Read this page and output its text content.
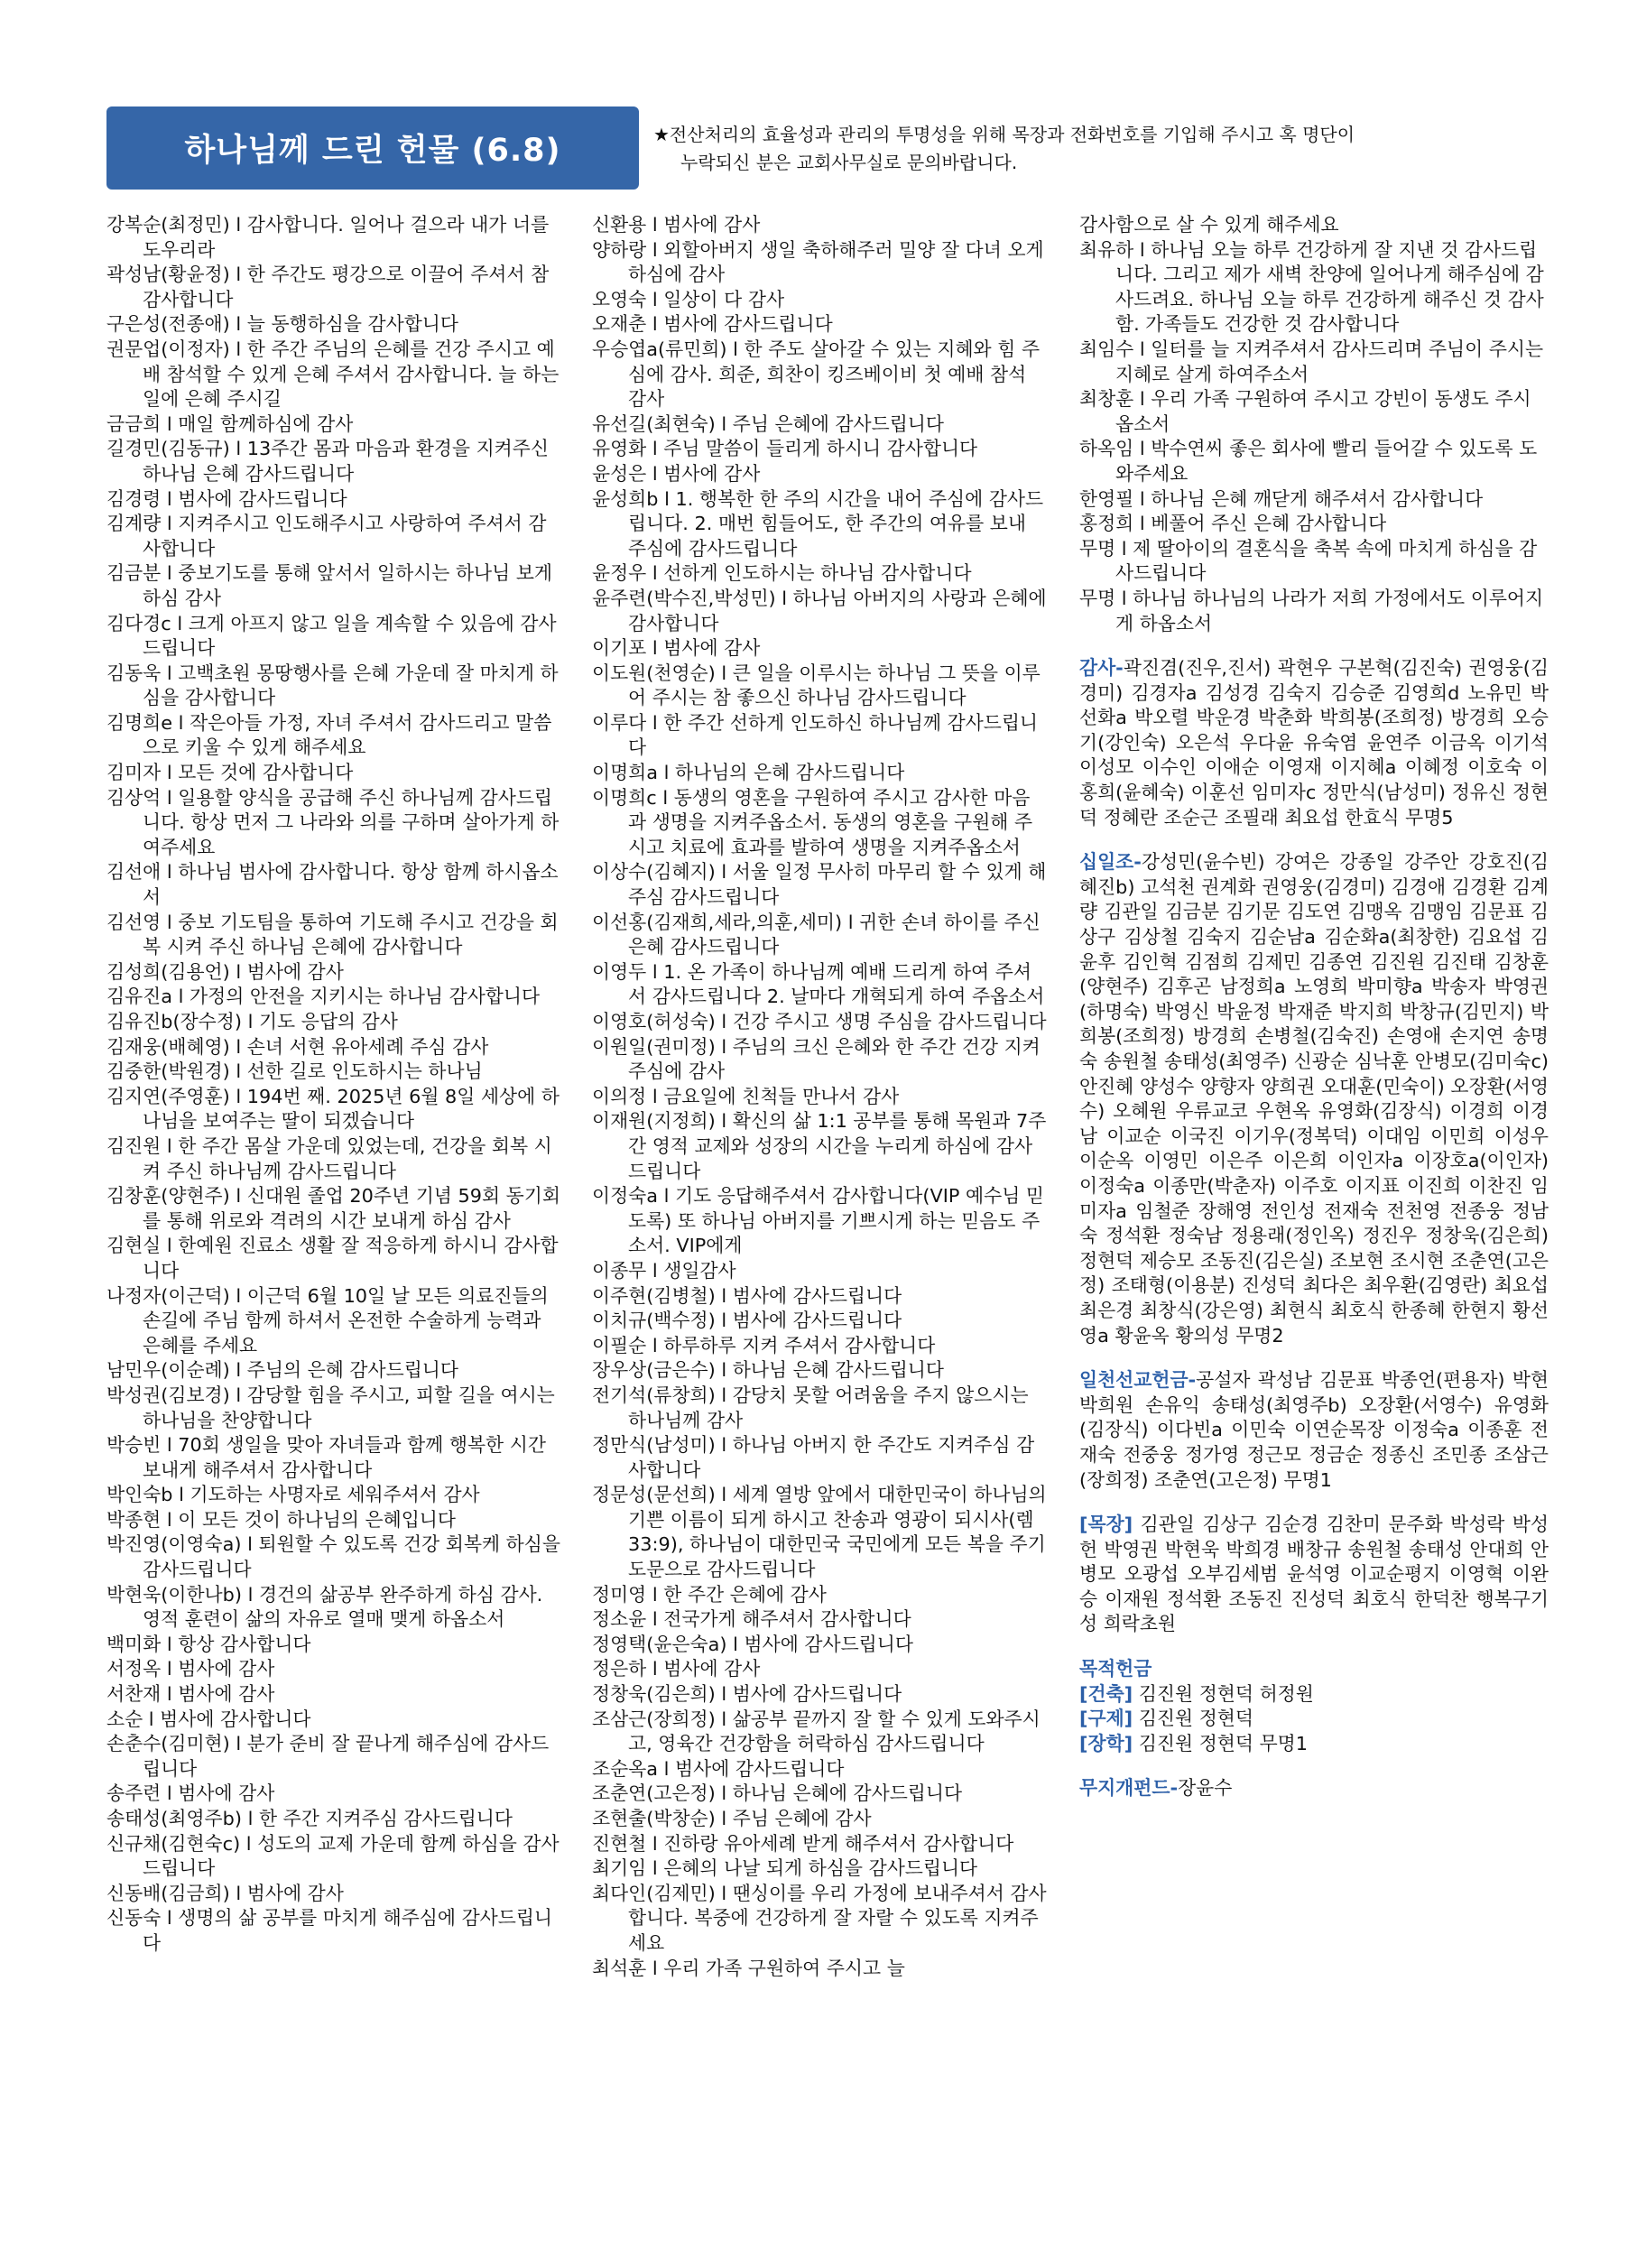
하나님께 드린 헌물 (6.8)	★전산처리의 효율성과 관리의 투명성을 위해 목장과 전화번호를 기입해 주시고 혹 명단이
누락되신 분은 교회사무실로 문의바랍니다.
강복순(최정민) l 감사합니다. 일어나 걸으라 내가 너를 도우리라
곽성남(황윤정) l 한 주간도 평강으로 이끌어 주셔서 참 감사합니다
구은성(전종애) l 늘 동행하심을 감사합니다
권문업(이정자) l 한 주간 주님의 은혜를 건강 주시고 예배 참석할 수 있게 은혜 주셔서 감사합니다. 늘 하는 일에 은혜 주시길
금금희 l 매일 함께하심에 감사
길경민(김동규) l 13주간 몸과 마음과 환경을 지켜주신 하나님 은혜 감사드립니다
김경령 l 범사에 감사드립니다
김계량 l 지켜주시고 인도해주시고 사랑하여 주셔서 감사합니다
김금분 l 중보기도를 통해 앞서서 일하시는 하나님 보게 하심 감사
김다경c l 크게 아프지 않고 일을 계속할 수 있음에 감사드립니다
김동욱 l 고백초원 몽땅행사를 은혜 가운데 잘 마치게 하심을 감사합니다
김명희e l 작은아들 가정, 자녀 주셔서 감사드리고 말씀으로 키울 수 있게 해주세요
김미자 l 모든 것에 감사합니다
김상억 l 일용할 양식을 공급해 주신 하나님께 감사드립니다. 항상 먼저 그 나라와 의를 구하며 살아가게 하여주세요
김선애 l 하나님 범사에 감사합니다. 항상 함께 하시옵소서
김선영 l 중보 기도팀을 통하여 기도해 주시고 건강을 회복 시켜 주신 하나님 은혜에 감사합니다
김성희(김용언) l 범사에 감사
김유진a l 가정의 안전을 지키시는 하나님 감사합니다
김유진b(장수정) l 기도 응답의 감사
김재웅(배혜영) l 손녀 서현 유아세례 주심 감사
김중한(박원경) l 선한 길로 인도하시는 하나님
김지연(주영훈) l 194번 째. 2025년 6월 8일 세상에 하나님을 보여주는 딸이 되겠습니다
김진원 l 한 주간 몸살 가운데 있었는데, 건강을 회복 시켜 주신 하나님께 감사드립니다
김창훈(양현주) l 신대원 졸업 20주년 기념 59회 동기회를 통해 위로와 격려의 시간 보내게 하심 감사
김현실 l 한예원 진료소 생활 잘 적응하게 하시니 감사합니다
나정자(이근덕) l 이근덕 6월 10일 날 모든 의료진들의 손길에 주님 함께 하셔서 온전한 수술하게 능력과 은혜를 주세요
남민우(이순례) l 주님의 은혜 감사드립니다
박성권(김보경) l 감당할 힘을 주시고, 피할 길을 여시는 하나님을 찬양합니다
박승빈 l 70회 생일을 맞아 자녀들과 함께 행복한 시간 보내게 해주셔서 감사합니다
박인숙b l 기도하는 사명자로 세워주셔서 감사
박종현 l 이 모든 것이 하나님의 은혜입니다
박진영(이영숙a) l 퇴원할 수 있도록 건강 회복케 하심을 감사드립니다
박현욱(이한나b) l 경건의 삶공부 완주하게 하심 감사. 영적 훈련이 삶의 자유로 열매 맺게 하옵소서
백미화 l 항상 감사합니다
서정옥 l 범사에 감사
서찬재 l 범사에 감사
소순 l 범사에 감사합니다
손춘수(김미현) l 분가 준비 잘 끝나게 해주심에 감사드립니다
송주련 l 범사에 감사
송태성(최영주b) l 한 주간 지켜주심 감사드립니다
신규채(김현숙c) l 성도의 교제 가운데 함께 하심을 감사드립니다
신동배(김금희) l 범사에 감사
신동숙 l 생명의 삶 공부를 마치게 해주심에 감사드립니다
신환용 l 범사에 감사
양하랑 l 외할아버지 생일 축하해주러 밀양 잘 다녀 오게 하심에 감사
오영숙 l 일상이 다 감사
오재춘 l 범사에 감사드립니다
우승엽a(류민희) l 한 주도 살아갈 수 있는 지혜와 힘 주심에 감사. 희준, 희찬이 킹즈베이비 첫 예배 참석 감사
유선길(최현숙) l 주님 은혜에 감사드립니다
유영화 l 주님 말씀이 들리게 하시니 감사합니다
윤성은 l 범사에 감사
윤성희b l 1. 행복한 한 주의 시간을 내어 주심에 감사드립니다. 2. 매번 힘들어도, 한 주간의 여유를 보내 주심에 감사드립니다
윤정우 l 선하게 인도하시는 하나님 감사합니다
윤주련(박수진,박성민) l 하나님 아버지의 사랑과 은혜에 감사합니다
이기포 l 범사에 감사
이도원(천영순) l 큰 일을 이루시는 하나님 그 뜻을 이루어 주시는 참 좋으신 하나님 감사드립니다
이루다 l 한 주간 선하게 인도하신 하나님께 감사드립니다
이명희a l 하나님의 은혜 감사드립니다
이명희c l 동생의 영혼을 구원하여 주시고 감사한 마음과 생명을 지켜주옵소서. 동생의 영혼을 구원해 주시고 치료에 효과를 발하여 생명을 지켜주옵소서
이상수(김혜지) l 서울 일정 무사히 마무리 할 수 있게 해주심 감사드립니다
이선홍(김재희,세라,의훈,세미) l 귀한 손녀 하이를 주신 은혜 감사드립니다
이영두 l 1. 온 가족이 하나님께 예배 드리게 하여 주셔서 감사드립니다 2. 날마다 개혁되게 하여 주옵소서
이영호(허성숙) l 건강 주시고 생명 주심을 감사드립니다
이원일(권미정) l 주님의 크신 은혜와 한 주간 건강 지켜주심에 감사
이의정 l 금요일에 친척들 만나서 감사
이재원(지정희) l 확신의 삶 1:1 공부를 통해 목원과 7주간 영적 교제와 성장의 시간을 누리게 하심에 감사드립니다
이정숙a l 기도 응답해주셔서 감사합니다(VIP 예수님 믿도록) 또 하나님 아버지를 기쁘시게 하는 믿음도 주소서. VIP에게
이종무 l 생일감사
이주현(김병철) l 범사에 감사드립니다
이치규(백수정) l 범사에 감사드립니다
이필순 l 하루하루 지켜 주셔서 감사합니다
장우상(금은수) l 하나님 은혜 감사드립니다
전기석(류창희) l 감당치 못할 어려움을 주지 않으시는 하나님께 감사
정만식(남성미) l 하나님 아버지 한 주간도 지켜주심 감사합니다
정문성(문선희) l 세계 열방 앞에서 대한민국이 하나님의 기쁜 이름이 되게 하시고 찬송과 영광이 되시사(렘33:9), 하나님이 대한민국 국민에게 모든 복을 주기도문으로 감사드립니다
정미영 l 한 주간 은혜에 감사
정소윤 l 전국가게 해주셔서 감사합니다
정영택(윤은숙a) l 범사에 감사드립니다
정은하 l 범사에 감사
정창욱(김은희) l 범사에 감사드립니다
조삼근(장희정) l 삶공부 끝까지 잘 할 수 있게 도와주시고, 영육간 건강함을 허락하심 감사드립니다
조순옥a l 범사에 감사드립니다
조춘연(고은정) l 하나님 은혜에 감사드립니다
조현출(박창순) l 주님 은혜에 감사
진현철 l 진하랑 유아세례 받게 해주셔서 감사합니다
최기임 l 은혜의 나날 되게 하심을 감사드립니다
최다인(김제민) l 땐싱이를 우리 가정에 보내주셔서 감사합니다. 복중에 건강하게 잘 자랄 수 있도록 지켜주세요
최석훈 l 우리 가족 구원하여 주시고 늘
감사함으로 살 수 있게 해주세요
최유하 l 하나님 오늘 하루 건강하게 잘 지낸 것 감사드립니다. 그리고 제가 새벽 찬양에 일어나게 해주심에 감사드려요. 하나님 오늘 하루 건강하게 해주신 것 감사함. 가족들도 건강한 것 감사합니다
최임수 l 일터를 늘 지켜주셔서 감사드리며 주님이 주시는 지혜로 살게 하여주소서
최창훈 l 우리 가족 구원하여 주시고 강빈이 동생도 주시옵소서
하옥임 l 박수연씨 좋은 회사에 빨리 들어갈 수 있도록 도와주세요
한영필 l 하나님 은혜 깨닫게 해주셔서 감사합니다
홍정희 l 베풀어 주신 은혜 감사합니다
무명 l 제 딸아이의 결혼식을 축복 속에 마치게 하심을 감사드립니다
무명 l 하나님 하나님의 나라가 저희 가정에서도 이루어지게 하옵소서
감사-곽진겸(진우,진서) 곽현우 구본혁(김진숙) 권영웅(김경미) 김경자a 김성경 김숙지 김승준 김영희d 노유민 박선화a 박오렬 박운경 박춘화 박희봉(조희정) 방경희 오승기(강인숙) 오은석 우다윤 유숙염 윤연주 이금옥 이기석 이성모 이수인 이애순 이영재 이지혜a 이혜정 이호숙 이홍희(윤혜숙) 이훈선 임미자c 정만식(남성미) 정유신 정현덕 정혜란 조순근 조필래 최요섭 한효식 무명5
십일조-강성민(윤수빈) 강여은 강종일 강주안 강호진(김혜진b) 고석천 권계화 권영웅(김경미) 김경애 김경환 김계량 김관일 김금분 김기문 김도연 김맹옥 김맹임 김문표 김상구 김상철 김숙지 김순남a 김순화a(최창한) 김요섭 김윤후 김인혁 김점희 김제민 김종연 김진원 김진태 김창훈(양현주) 김후곤 남정희a 노영희 박미향a 박송자 박영권(하명숙) 박영신 박윤정 박재준 박지희 박창규(김민지) 박희봉(조희정) 방경희 손병철(김숙진) 손영애 손지연 송명숙 송원철 송태성(최영주) 신광순 심낙훈 안병모(김미숙c) 안진혜 양성수 양향자 양희권 오대훈(민숙이) 오장환(서영수) 오혜원 우류교코 우현옥 유영화(김장식) 이경희 이경남 이교순 이국진 이기우(정복덕) 이대임 이민희 이성우 이순옥 이영민 이은주 이은희 이인자a 이장호a(이인자) 이정숙a 이종만(박춘자) 이주호 이지표 이진희 이찬진 임미자a 임철준 장해영 전인성 전재숙 전천영 전종웅 정남숙 정석환 정숙남 정용래(정인옥) 정진우 정창욱(김은희) 정현덕 제승모 조동진(김은실) 조보현 조시현 조춘연(고은정) 조태형(이용분) 진성덕 최다은 최우환(김영란) 최요섭 최은경 최창식(강은영) 최현식 최호식 한종혜 한현지 황선영a 황윤옥 황의성 무명2
일천선교헌금-공설자 곽성남 김문표 박종언(편용자) 박현 박희원 손유익 송태성(최영주b) 오장환(서영수) 유영화(김장식) 이다빈a 이민숙 이연순목장 이정숙a 이종훈 전재숙 전중웅 정가영 정근모 정금순 정종신 조민종 조삼근(장희정) 조춘연(고은정) 무명1
[목장] 김관일 김상구 김순경 김찬미 문주화 박성락 박성헌 박영권 박현욱 박희경 배창규 송원철 송태성 안대희 안병모 오광섭 오부김세범 윤석영 이교순평지 이영혁 이완승 이재원 정석환 조동진 진성덕 최호식 한덕찬 행복구기성 희락초원
목적헌금
[건축] 김진원 정현덕 허정원
[구제] 김진원 정현덕
[장학] 김진원 정현덕 무명1
무지개펀드-장윤수
